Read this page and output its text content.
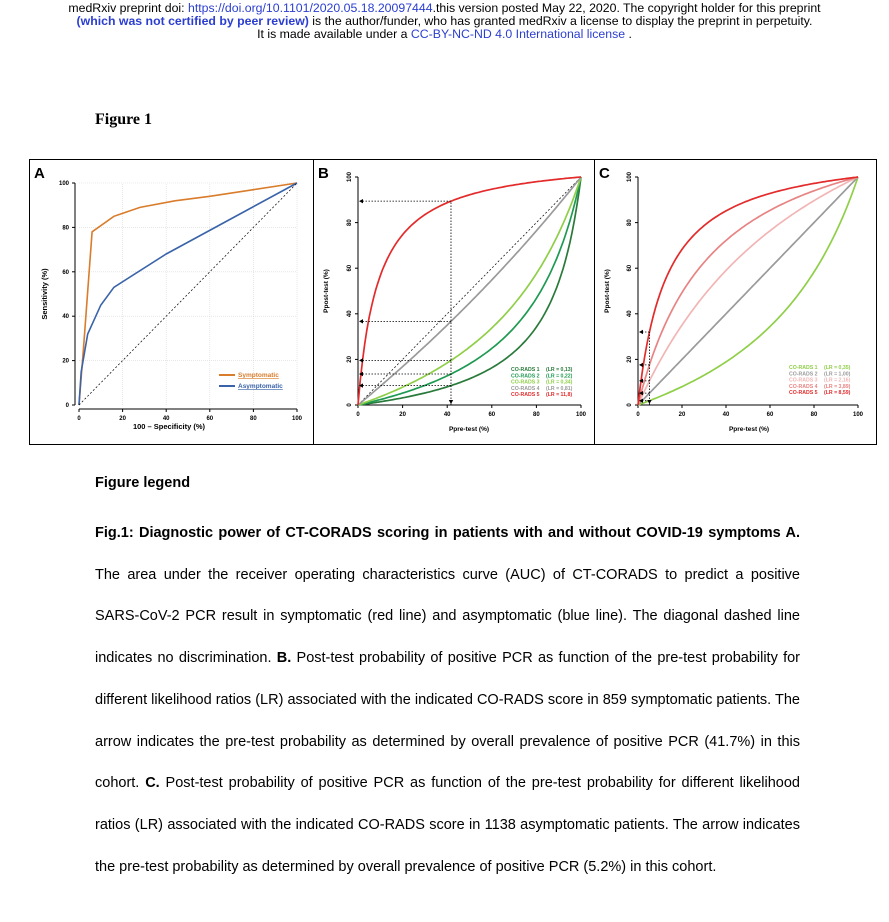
medRxiv preprint doi: https://doi.org/10.1101/2020.05.18.20097444.this version posted May 22, 2020. The copyright holder for this preprint
(which was not certified by peer review) is the author/funder, who has granted medRxiv a license to display the preprint in perpetuity.
It is made available under a CC-BY-NC-ND 4.0 International license .
Figure 1
A	B	C
0	20	40	60	80	100
0
20
40
60
80
100
100 – Specificity (%)
Sensitivity (%)
Symptomatic
Asymptomatic
0	20	40	60	80	100
0
20
40
60
80
100
Ppre-test (%)
Ppost-test (%)
CO-RADS 1 (LR = 0,13)
CO-RADS 2 (LR = 0,22)
CO-RADS 3 (LR = 0,34)
CO-RADS 4 (LR = 0,81)
CO-RADS 5 (LR = 11,8)
0	20	40	60	80	100
0
20
40
60
80
100
Ppre-test (%)
Ppost-test (%)
CO-RADS 1 (LR = 0,35)
CO-RADS 2 (LR = 1,00)
CO-RADS 3 (LR = 2,16)
CO-RADS 4 (LR = 3,89)
CO-RADS 5 (LR = 8,59)
Figure legend
Fig.1: Diagnostic power of CT-CORADS scoring in patients with and without COVID-19 symptoms A. The area under the receiver operating characteristics curve (AUC) of CT-CORADS to predict a positive SARS-CoV-2 PCR result in symptomatic (red line) and asymptomatic (blue line). The diagonal dashed line indicates no discrimination. B. Post-test probability of positive PCR as function of the pre-test probability for different likelihood ratios (LR) associated with the indicated CO-RADS score in 859 symptomatic patients. The arrow indicates the pre-test probability as determined by overall prevalence of positive PCR (41.7%) in this cohort. C. Post-test probability of positive PCR as function of the pre-test probability for different likelihood ratios (LR) associated with the indicated CO-RADS score in 1138 asymptomatic patients. The arrow indicates the pre-test probability as determined by overall prevalence of positive PCR (5.2%) in this cohort.
